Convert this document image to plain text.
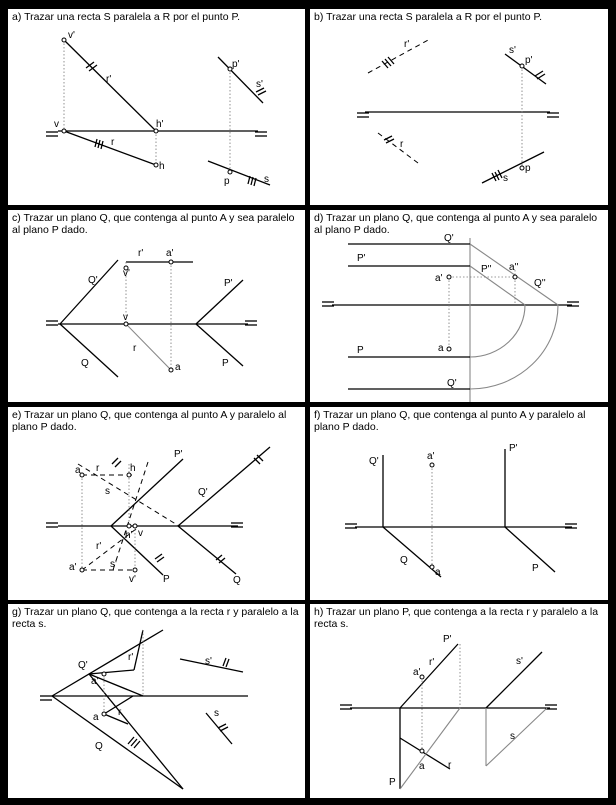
a) Trazar una recta S paralela a R por el punto P.
v'
r'
h'
v
r
h
p'
s'
p	s
b) Trazar una recta S paralela a R por el punto P.
r'
s'
p'
r
s
p
c) Trazar un plano Q, que contenga al punto A y sea paralelo al plano P dado.
r' a'
Q'
v'
P'
v
r
Q	a	P
d) Trazar un plano Q, que contenga al punto A y sea paralelo al plano P dado.
Q'
P'
a'
P'' a''
Q''
P	a
Q'
e) Trazar un plano Q, que contenga al punto A y paralelo al plano P dado.
a r	h
P'
s	Q'
h' v
r'
s'
a'
v'	P	Q
f) Trazar un plano Q, que contenga al punto A y paralelo al plano P dado.
Q'	a'
P'
Q
a	P
g) Trazar un plano Q, que contenga a la recta r y paralelo a la recta s.
Q'
r'
a'
s'
a r	s
Q
h) Trazar un plano P, que contenga a la recta r y paralelo a la recta s.
P'
r'
a'
s'
s
a r
P
